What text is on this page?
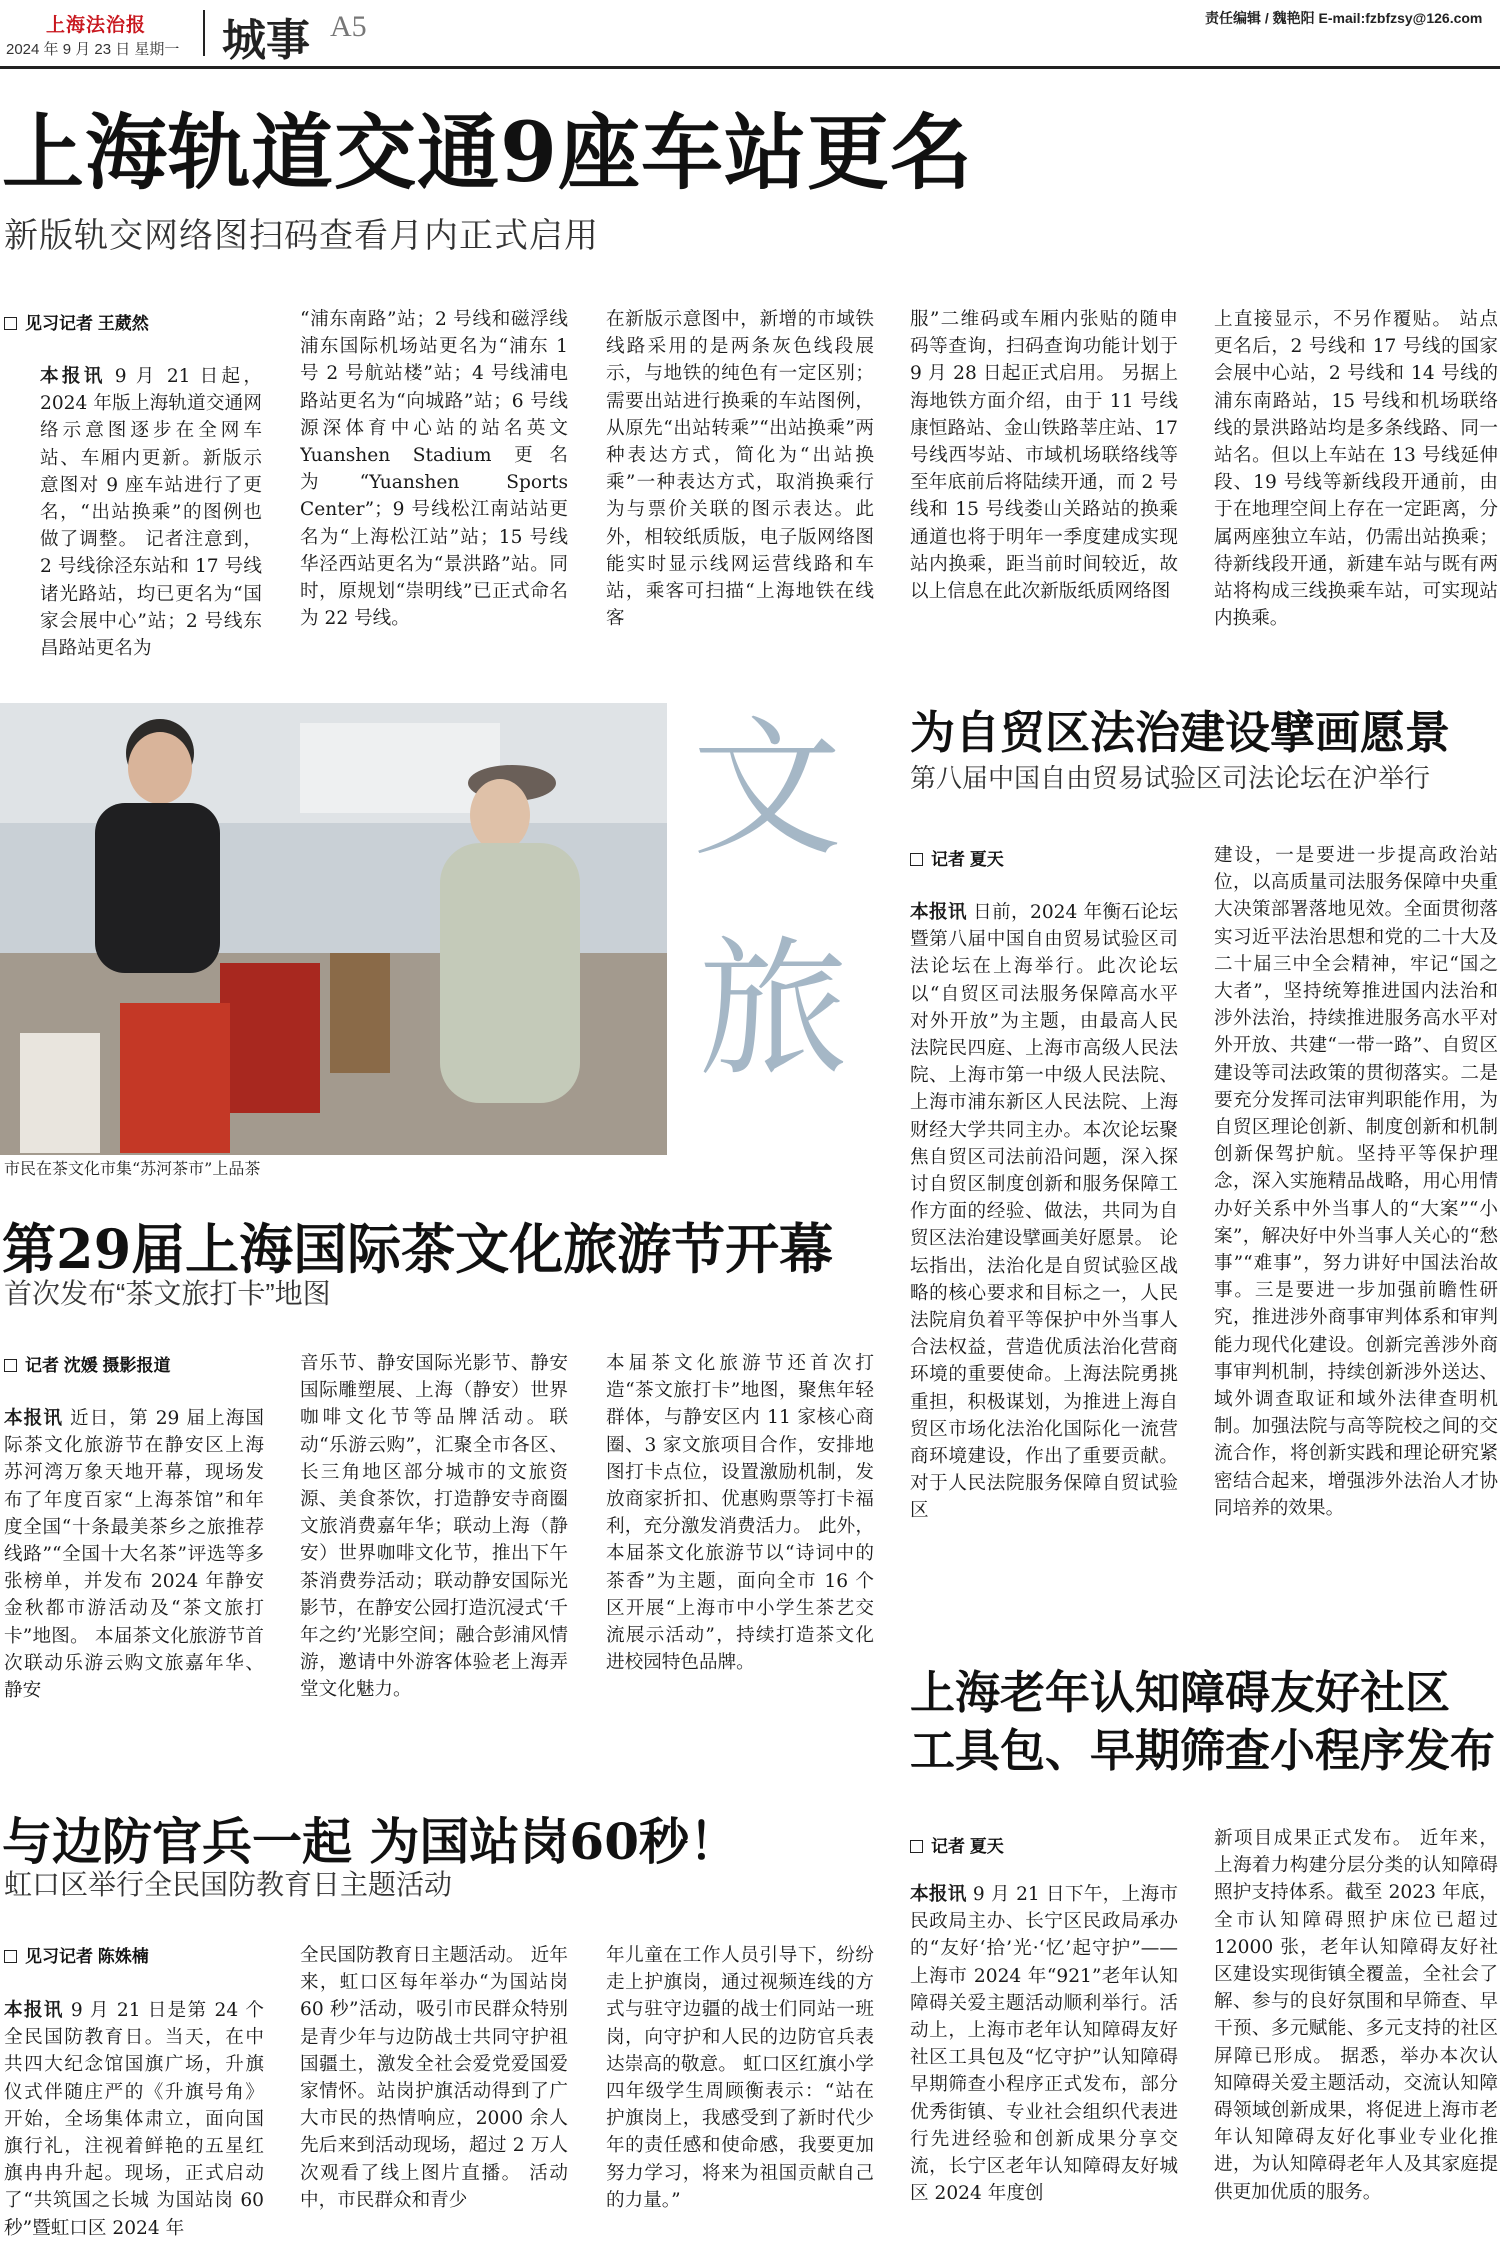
上海法治报
2024 年 9 月 23 日 星期一 城事 A5	责任编辑 / 魏艳阳 E-mail:fzbfzsy@126.com
上海轨道交通9座车站更名
新版轨交网络图扫码查看月内正式启用
见习记者 王葳然
本报讯 9 月 21 日起，2024 年版上海轨道交通网络示意图逐步在全网车站、车厢内更新。新版示意图对 9 座车站进行了更名，“出站换乘”的图例也做了调整。 记者注意到，2 号线徐泾东站和 17 号线诸光路站，均已更名为“国家会展中心”站；2 号线东昌路站更名为
“浦东南路”站；2 号线和磁浮线浦东国际机场站更名为“浦东 1 号 2 号航站楼”站；4 号线浦电路站更名为“向城路”站；6 号线源深体育中心站的站名英文 Yuanshen Stadium 更名为“Yuanshen Sports Center”；9 号线松江南站站更名为“上海松江站”站；15 号线华泾西站更名为“景洪路”站。同时，原规划“崇明线”已正式命名为 22 号线。
在新版示意图中，新增的市域铁线路采用的是两条灰色线段展示，与地铁的纯色有一定区别；需要出站进行换乘的车站图例，从原先“出站转乘”“出站换乘”两种表达方式，简化为“出站换乘”一种表达方式，取消换乘行为与票价关联的图示表达。此外，相较纸质版，电子版网络图能实时显示线网运营线路和车站，乘客可扫描“上海地铁在线客
服”二维码或车厢内张贴的随申码等查询，扫码查询功能计划于 9 月 28 日起正式启用。 另据上海地铁方面介绍，由于 11 号线康恒路站、金山铁路莘庄站、17 号线西岑站、市域机场联络线等至年底前后将陆续开通，而 2 号线和 15 号线娄山关路站的换乘通道也将于明年一季度建成实现站内换乘，距当前时间较近，故以上信息在此次新版纸质网络图
上直接显示，不另作覆贴。 站点更名后，2 号线和 17 号线的国家会展中心站，2 号线和 14 号线的浦东南路站，15 号线和机场联络线的景洪路站均是多条线路、同一站名。但以上车站在 13 号线延伸段、19 号线等新线段开通前，由于在地理空间上存在一定距离，分属两座独立车站，仍需出站换乘；待新线段开通，新建车站与既有两站将构成三线换乘车站，可实现站内换乘。
市民在茶文化市集“苏河茶市”上品茶
文
旅
为自贸区法治建设擘画愿景
第八届中国自由贸易试验区司法论坛在沪举行
记者 夏天
本报讯 日前，2024 年衡石论坛暨第八届中国自由贸易试验区司法论坛在上海举行。此次论坛以“自贸区司法服务保障高水平对外开放”为主题，由最高人民法院民四庭、上海市高级人民法院、上海市第一中级人民法院、上海市浦东新区人民法院、上海财经大学共同主办。本次论坛聚焦自贸区司法前沿问题，深入探讨自贸区制度创新和服务保障工作方面的经验、做法，共同为自贸区法治建设擘画美好愿景。 论坛指出，法治化是自贸试验区战略的核心要求和目标之一，人民法院肩负着平等保护中外当事人合法权益，营造优质法治化营商环境的重要使命。上海法院勇挑重担，积极谋划，为推进上海自贸区市场化法治化国际化一流营商环境建设，作出了重要贡献。对于人民法院服务保障自贸试验区
建设，一是要进一步提高政治站位，以高质量司法服务保障中央重大决策部署落地见效。全面贯彻落实习近平法治思想和党的二十大及二十届三中全会精神，牢记“国之大者”，坚持统筹推进国内法治和涉外法治，持续推进服务高水平对外开放、共建“一带一路”、自贸区建设等司法政策的贯彻落实。二是要充分发挥司法审判职能作用，为自贸区理论创新、制度创新和机制创新保驾护航。坚持平等保护理念，深入实施精品战略，用心用情办好关系中外当事人的“大案”“小案”，解决好中外当事人关心的“愁事”“难事”，努力讲好中国法治故事。三是要进一步加强前瞻性研究，推进涉外商事审判体系和审判能力现代化建设。创新完善涉外商事审判机制，持续创新涉外送达、域外调查取证和域外法律查明机制。加强法院与高等院校之间的交流合作，将创新实践和理论研究紧密结合起来，增强涉外法治人才协同培养的效果。
第29届上海国际茶文化旅游节开幕
首次发布“茶文旅打卡”地图
记者 沈媛 摄影报道
本报讯 近日，第 29 届上海国际茶文化旅游节在静安区上海苏河湾万象天地开幕，现场发布了年度百家“上海茶馆”和年度全国“十条最美茶乡之旅推荐线路”“全国十大名茶”评选等多张榜单，并发布 2024 年静安金秋都市游活动及“茶文旅打卡”地图。 本届茶文化旅游节首次联动乐游云购文旅嘉年华、静安
音乐节、静安国际光影节、静安国际雕塑展、上海（静安）世界咖啡文化节等品牌活动。联动“乐游云购”，汇聚全市各区、长三角地区部分城市的文旅资源、美食茶饮，打造静安寺商圈文旅消费嘉年华；联动上海（静安）世界咖啡文化节，推出下午茶消费券活动；联动静安国际光影节，在静安公园打造沉浸式‘千年之约’光影空间；融合彭浦风情游，邀请中外游客体验老上海弄堂文化魅力。
本届茶文化旅游节还首次打造“茶文旅打卡”地图，聚焦年轻群体，与静安区内 11 家核心商圈、3 家文旅项目合作，安排地图打卡点位，设置激励机制，发放商家折扣、优惠购票等打卡福利，充分激发消费活力。 此外，本届茶文化旅游节以“诗词中的茶香”为主题，面向全市 16 个区开展“上海市中小学生茶艺交流展示活动”，持续打造茶文化进校园特色品牌。
上海老年认知障碍友好社区
工具包、早期筛查小程序发布
记者 夏天
本报讯 9 月 21 日下午，上海市民政局主办、长宁区民政局承办的“友好‘拾’光·‘忆’起守护”——上海市 2024 年“921”老年认知障碍关爱主题活动顺利举行。活动上，上海市老年认知障碍友好社区工具包及“忆守护”认知障碍早期筛查小程序正式发布，部分优秀街镇、专业社会组织代表进行先进经验和创新成果分享交流，长宁区老年认知障碍友好城区 2024 年度创
新项目成果正式发布。 近年来，上海着力构建分层分类的认知障碍照护支持体系。截至 2023 年底，全市认知障碍照护床位已超过 12000 张，老年认知障碍友好社区建设实现街镇全覆盖，全社会了解、参与的良好氛围和早筛查、早干预、多元赋能、多元支持的社区屏障已形成。 据悉，举办本次认知障碍关爱主题活动，交流认知障碍领域创新成果，将促进上海市老年认知障碍友好化事业专业化推进，为认知障碍老年人及其家庭提供更加优质的服务。
与边防官兵一起 为国站岗60秒！
虹口区举行全民国防教育日主题活动
见习记者 陈姝楠
本报讯 9 月 21 日是第 24 个全民国防教育日。当天，在中共四大纪念馆国旗广场，升旗仪式伴随庄严的《升旗号角》开始，全场集体肃立，面向国旗行礼，注视着鲜艳的五星红旗冉冉升起。现场，正式启动了“共筑国之长城 为国站岗 60 秒”暨虹口区 2024 年
全民国防教育日主题活动。 近年来，虹口区每年举办“为国站岗 60 秒”活动，吸引市民群众特别是青少年与边防战士共同守护祖国疆土，激发全社会爱党爱国爱家情怀。站岗护旗活动得到了广大市民的热情响应，2000 余人先后来到活动现场，超过 2 万人次观看了线上图片直播。 活动中，市民群众和青少
年儿童在工作人员引导下，纷纷走上护旗岗，通过视频连线的方式与驻守边疆的战士们同站一班岗，向守护和人民的边防官兵表达崇高的敬意。 虹口区红旗小学四年级学生周顾衡表示：“站在护旗岗上，我感受到了新时代少年的责任感和使命感，我要更加努力学习，将来为祖国贡献自己的力量。”
